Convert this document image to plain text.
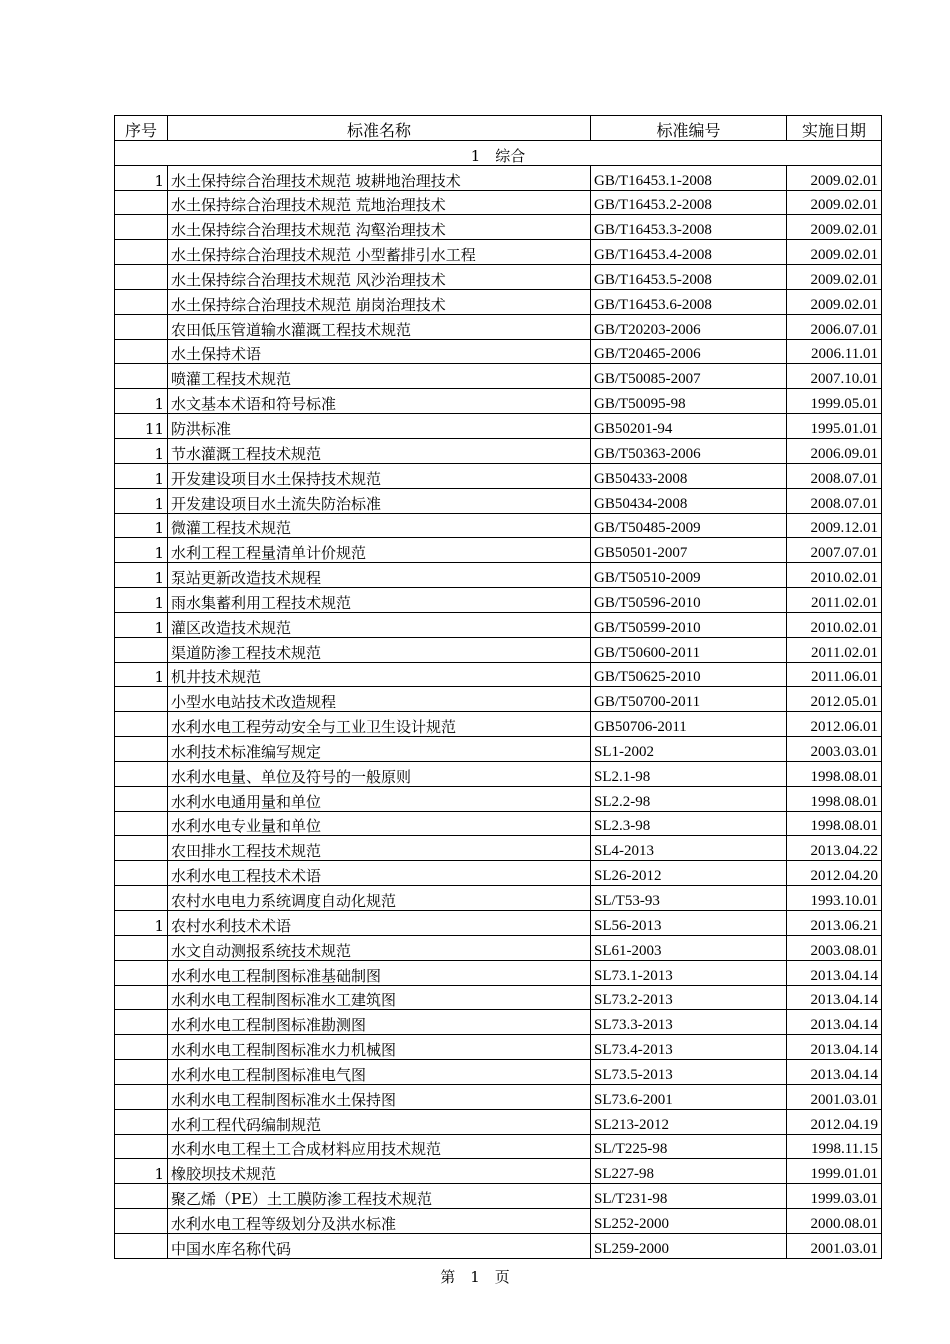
序号	标准名称	标准编号	实施日期
1　综合			
1	水土保持综合治理技术规范 坡耕地治理技术	GB/T16453.1-2008	2009.02.01
	水土保持综合治理技术规范 荒地治理技术	GB/T16453.2-2008	2009.02.01
	水土保持综合治理技术规范 沟壑治理技术	GB/T16453.3-2008	2009.02.01
	水土保持综合治理技术规范 小型蓄排引水工程	GB/T16453.4-2008	2009.02.01
	水土保持综合治理技术规范 风沙治理技术	GB/T16453.5-2008	2009.02.01
	水土保持综合治理技术规范 崩岗治理技术	GB/T16453.6-2008	2009.02.01
	农田低压管道输水灌溉工程技术规范	GB/T20203-2006	2006.07.01
	水土保持术语	GB/T20465-2006	2006.11.01
	喷灌工程技术规范	GB/T50085-2007	2007.10.01
1	水文基本术语和符号标准	GB/T50095-98	1999.05.01
11	防洪标准	GB50201-94	1995.01.01
1	节水灌溉工程技术规范	GB/T50363-2006	2006.09.01
1	开发建设项目水土保持技术规范	GB50433-2008	2008.07.01
1	开发建设项目水土流失防治标准	GB50434-2008	2008.07.01
1	微灌工程技术规范	GB/T50485-2009	2009.12.01
1	水利工程工程量清单计价规范	GB50501-2007	2007.07.01
1	泵站更新改造技术规程	GB/T50510-2009	2010.02.01
1	雨水集蓄利用工程技术规范	GB/T50596-2010	2011.02.01
1	灌区改造技术规范	GB/T50599-2010	2010.02.01
	渠道防渗工程技术规范	GB/T50600-2011	2011.02.01
1	机井技术规范	GB/T50625-2010	2011.06.01
	小型水电站技术改造规程	GB/T50700-2011	2012.05.01
	水利水电工程劳动安全与工业卫生设计规范	GB50706-2011	2012.06.01
	水利技术标准编写规定	SL1-2002	2003.03.01
	水利水电量、单位及符号的一般原则	SL2.1-98	1998.08.01
	水利水电通用量和单位	SL2.2-98	1998.08.01
	水利水电专业量和单位	SL2.3-98	1998.08.01
	农田排水工程技术规范	SL4-2013	2013.04.22
	水利水电工程技术术语	SL26-2012	2012.04.20
	农村水电电力系统调度自动化规范	SL/T53-93	1993.10.01
1	农村水利技术术语	SL56-2013	2013.06.21
	水文自动测报系统技术规范	SL61-2003	2003.08.01
	水利水电工程制图标准基础制图	SL73.1-2013	2013.04.14
	水利水电工程制图标准水工建筑图	SL73.2-2013	2013.04.14
	水利水电工程制图标准勘测图	SL73.3-2013	2013.04.14
	水利水电工程制图标准水力机械图	SL73.4-2013	2013.04.14
	水利水电工程制图标准电气图	SL73.5-2013	2013.04.14
	水利水电工程制图标准水土保持图	SL73.6-2001	2001.03.01
	水利工程代码编制规范	SL213-2012	2012.04.19
	水利水电工程土工合成材料应用技术规范	SL/T225-98	1998.11.15
1	橡胶坝技术规范	SL227-98	1999.01.01
	聚乙烯（PE）土工膜防渗工程技术规范	SL/T231-98	1999.03.01
	水利水电工程等级划分及洪水标准	SL252-2000	2000.08.01
	中国水库名称代码	SL259-2000	2001.03.01
第　1　页
